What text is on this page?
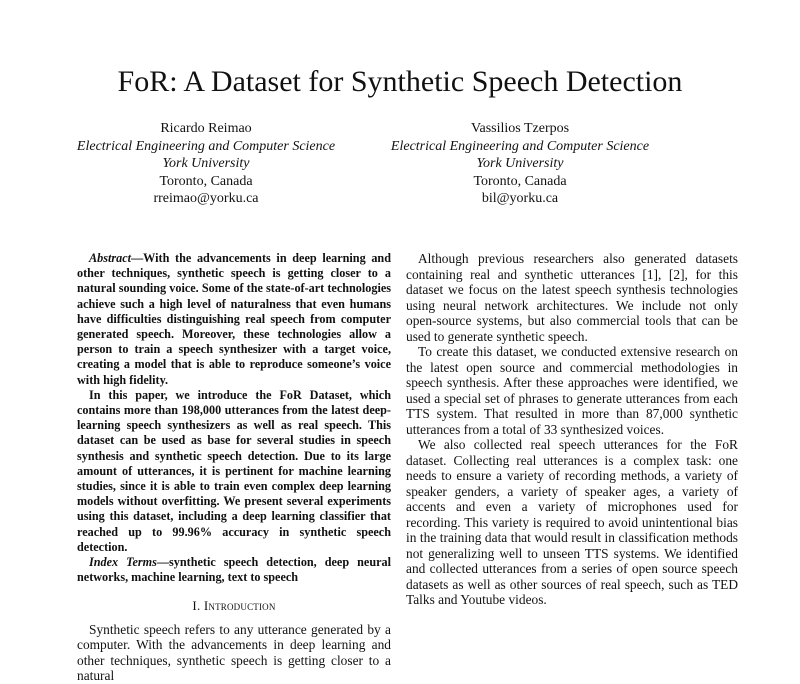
FoR: A Dataset for Synthetic Speech Detection
Ricardo Reimao
Electrical Engineering and Computer Science
York University
Toronto, Canada
rreimao@yorku.ca
Vassilios Tzerpos
Electrical Engineering and Computer Science
York University
Toronto, Canada
bil@yorku.ca

Abstract—With the advancements in deep learning and other techniques, synthetic speech is getting closer to a natural sounding voice. Some of the state-of-art technologies achieve such a high level of naturalness that even humans have difficulties distinguishing real speech from computer generated speech. Moreover, these technologies allow a person to train a speech synthesizer with a target voice, creating a model that is able to reproduce someone’s voice with high fidelity.

In this paper, we introduce the FoR Dataset, which contains more than 198,000 utterances from the latest deep-learning speech synthesizers as well as real speech. This dataset can be used as base for several studies in speech synthesis and synthetic speech detection. Due to its large amount of utterances, it is pertinent for machine learning studies, since it is able to train even complex deep learning models without overfitting. We present several experiments using this dataset, including a deep learning classifier that reached up to 99.96% accuracy in synthetic speech detection.

Index Terms—synthetic speech detection, deep neural networks, machine learning, text to speech

I. Introduction

Synthetic speech refers to any utterance generated by a computer. With the advancements in deep learning and other techniques, synthetic speech is getting closer to a natural

Although previous researchers also generated datasets containing real and synthetic utterances [1], [2], for this dataset we focus on the latest speech synthesis technologies using neural network architectures. We include not only open-source systems, but also commercial tools that can be used to generate synthetic speech.

To create this dataset, we conducted extensive research on the latest open source and commercial methodologies in speech synthesis. After these approaches were identified, we used a special set of phrases to generate utterances from each TTS system. That resulted in more than 87,000 synthetic utterances from a total of 33 synthesized voices.

We also collected real speech utterances for the FoR dataset. Collecting real utterances is a complex task: one needs to ensure a variety of recording methods, a variety of speaker genders, a variety of speaker ages, a variety of accents and even a variety of microphones used for recording. This variety is required to avoid unintentional bias in the training data that would result in classification methods not generalizing well to unseen TTS systems. We identified and collected utterances from a series of open source speech datasets as well as other sources of real speech, such as TED Talks and Youtube videos.
